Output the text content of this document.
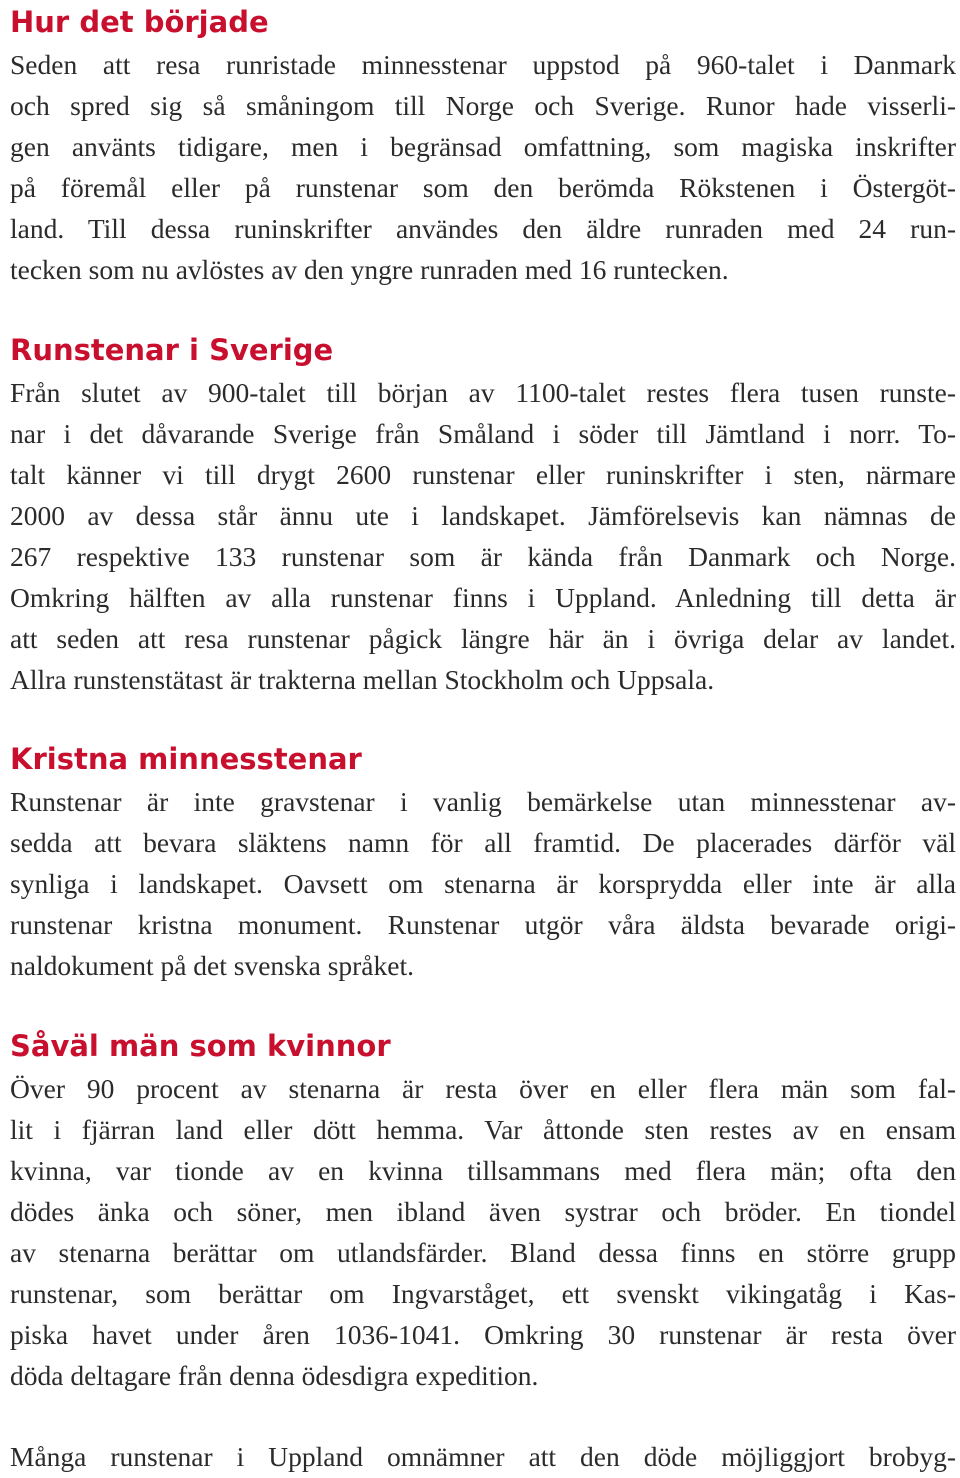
Hur det började
Seden att resa runristade minnesstenar uppstod på 960-talet i Danmark
och spred sig så småningom till Norge och Sverige. Runor hade visserli-
gen använts tidigare, men i begränsad omfattning, som magiska inskrifter
på föremål eller på runstenar som den berömda Rökstenen i Östergöt-
land. Till dessa runinskrifter användes den äldre runraden med 24 run-
tecken som nu avlöstes av den yngre runraden med 16 runtecken.
Runstenar i Sverige
Från slutet av 900-talet till början av 1100-talet restes flera tusen runste-
nar i det dåvarande Sverige från Småland i söder till Jämtland i norr. To-
talt känner vi till drygt 2600 runstenar eller runinskrifter i sten, närmare
2000 av dessa står ännu ute i landskapet. Jämförelsevis kan nämnas de
267 respektive 133 runstenar som är kända från Danmark och Norge.
Omkring hälften av alla runstenar finns i Uppland. Anledning till detta är
att seden att resa runstenar pågick längre här än i övriga delar av landet.
Allra runstenstätast är trakterna mellan Stockholm och Uppsala.
Kristna minnesstenar
Runstenar är inte gravstenar i vanlig bemärkelse utan minnesstenar av-
sedda att bevara släktens namn för all framtid. De placerades därför väl
synliga i landskapet. Oavsett om stenarna är korsprydda eller inte är alla
runstenar kristna monument. Runstenar utgör våra äldsta bevarade origi-
naldokument på det svenska språket.
Såväl män som kvinnor
Över 90 procent av stenarna är resta över en eller flera män som fal-
lit i fjärran land eller dött hemma. Var åttonde sten restes av en ensam
kvinna, var tionde av en kvinna tillsammans med flera män; ofta den
dödes änka och söner, men ibland även systrar och bröder. En tiondel
av stenarna berättar om utlandsfärder. Bland dessa finns en större grupp
runstenar, som berättar om Ingvarståget, ett svenskt vikingatåg i Kas-
piska havet under åren 1036-1041. Omkring 30 runstenar är resta över
döda deltagare från denna ödesdigra expedition.
Många runstenar i Uppland omnämner att den döde möjliggjort brobyg-
